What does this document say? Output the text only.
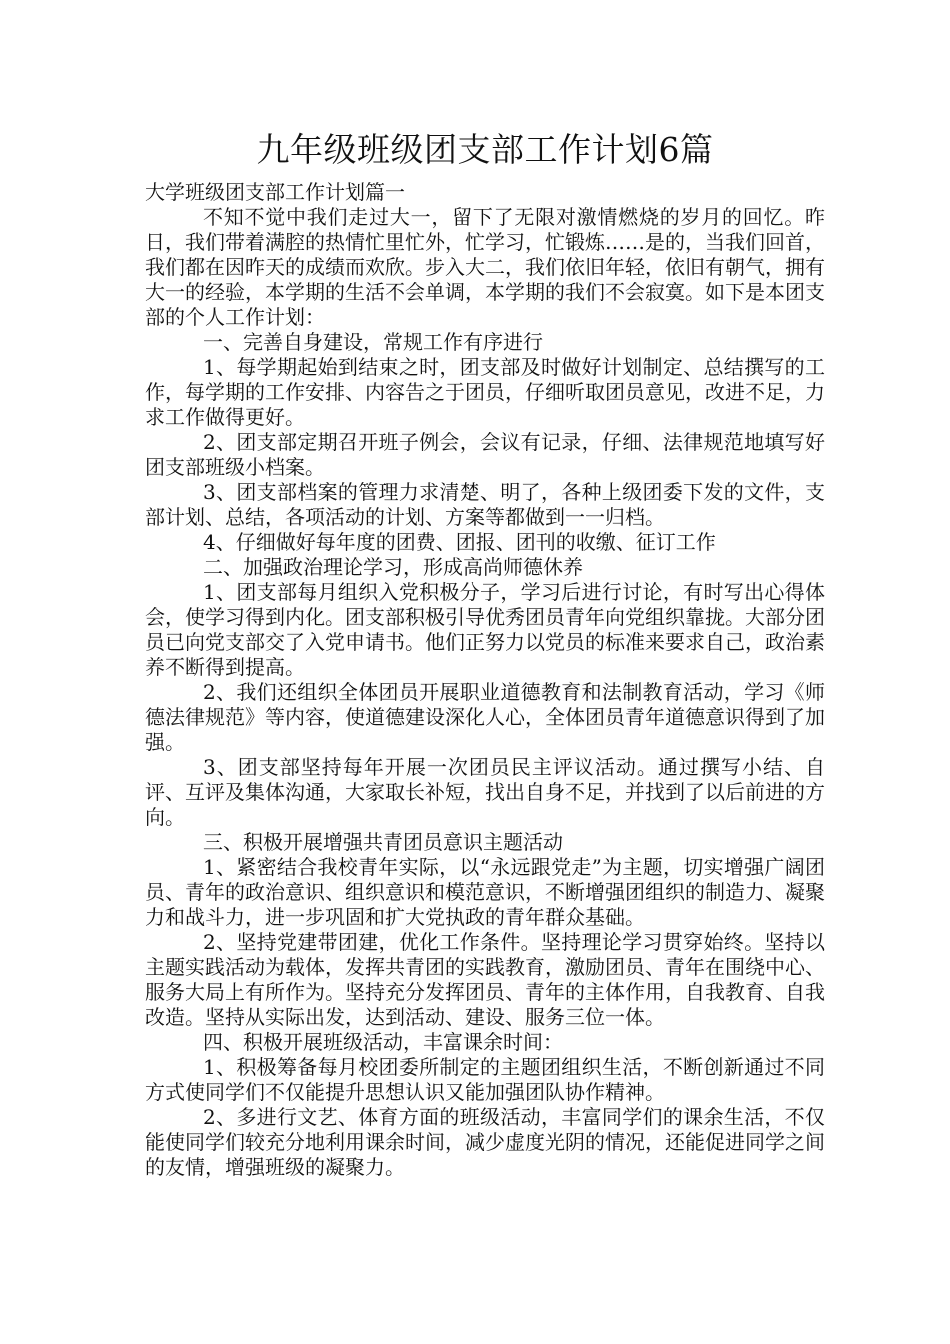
九年级班级团支部工作计划6篇

大学班级团支部工作计划篇一

不知不觉中我们走过大一，留下了无限对激情燃烧的岁月的回忆。昨日，我们带着满腔的热情忙里忙外，忙学习，忙锻炼……是的，当我们回首，我们都在因昨天的成绩而欢欣。步入大二，我们依旧年轻，依旧有朝气，拥有大一的经验，本学期的生活不会单调，本学期的我们不会寂寞。如下是本团支部的个人工作计划：

一、完善自身建设，常规工作有序进行

1、每学期起始到结束之时，团支部及时做好计划制定、总结撰写的工作，每学期的工作安排、内容告之于团员，仔细听取团员意见，改进不足，力求工作做得更好。

2、团支部定期召开班子例会，会议有记录，仔细、法律规范地填写好团支部班级小档案。

3、团支部档案的管理力求清楚、明了，各种上级团委下发的文件，支部计划、总结，各项活动的计划、方案等都做到一一归档。

4、仔细做好每年度的团费、团报、团刊的收缴、征订工作

二、加强政治理论学习，形成高尚师德休养

1、团支部每月组织入党积极分子，学习后进行讨论，有时写出心得体会，使学习得到内化。团支部积极引导优秀团员青年向党组织靠拢。大部分团员已向党支部交了入党申请书。他们正努力以党员的标准来要求自己，政治素养不断得到提高。

2、我们还组织全体团员开展职业道德教育和法制教育活动，学习《师德法律规范》等内容，使道德建设深化人心，全体团员青年道德意识得到了加强。

3、团支部坚持每年开展一次团员民主评议活动。通过撰写小结、自评、互评及集体沟通，大家取长补短，找出自身不足，并找到了以后前进的方向。

三、积极开展增强共青团员意识主题活动

1、紧密结合我校青年实际，以“永远跟党走”为主题，切实增强广阔团员、青年的政治意识、组织意识和模范意识，不断增强团组织的制造力、凝聚力和战斗力，进一步巩固和扩大党执政的青年群众基础。

2、坚持党建带团建，优化工作条件。坚持理论学习贯穿始终。坚持以主题实践活动为载体，发挥共青团的实践教育，激励团员、青年在围绕中心、服务大局上有所作为。坚持充分发挥团员、青年的主体作用，自我教育、自我改造。坚持从实际出发，达到活动、建设、服务三位一体。

四、积极开展班级活动，丰富课余时间：

1、积极筹备每月校团委所制定的主题团组织生活，不断创新通过不同方式使同学们不仅能提升思想认识又能加强团队协作精神。

2、多进行文艺、体育方面的班级活动，丰富同学们的课余生活，不仅能使同学们较充分地利用课余时间，减少虚度光阴的情况，还能促进同学之间的友情，增强班级的凝聚力。
